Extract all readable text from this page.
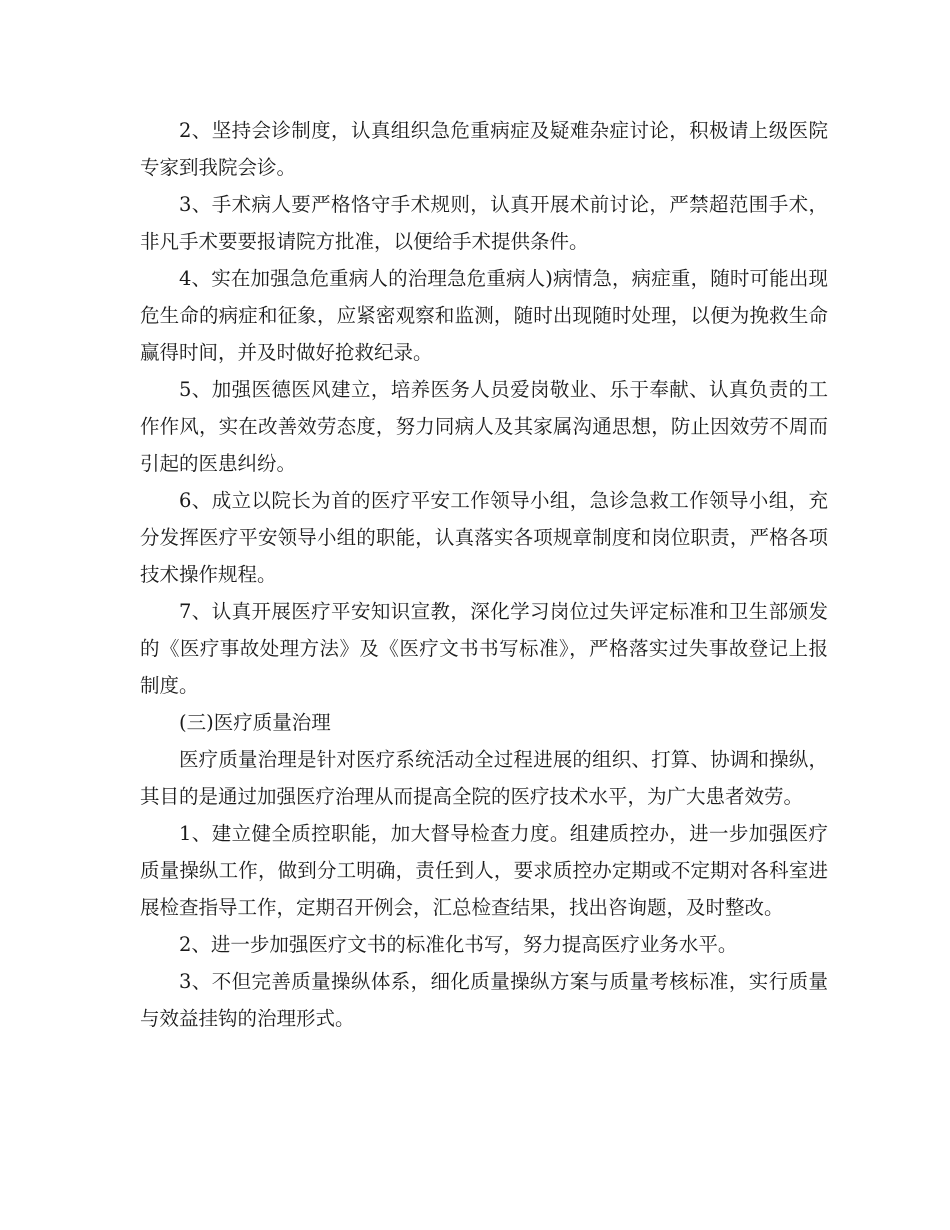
2、坚持会诊制度，认真组织急危重病症及疑难杂症讨论，积极请上级医院专家到我院会诊。

3、手术病人要严格恪守手术规则，认真开展术前讨论，严禁超范围手术，非凡手术要要报请院方批准，以便给手术提供条件。

4、实在加强急危重病人的治理急危重病人)病情急，病症重，随时可能出现危生命的病症和征象，应紧密观察和监测，随时出现随时处理，以便为挽救生命赢得时间，并及时做好抢救纪录。

5、加强医德医风建立，培养医务人员爱岗敬业、乐于奉献、认真负责的工作作风，实在改善效劳态度，努力同病人及其家属沟通思想，防止因效劳不周而引起的医患纠纷。

6、成立以院长为首的医疗平安工作领导小组，急诊急救工作领导小组，充分发挥医疗平安领导小组的职能，认真落实各项规章制度和岗位职责，严格各项技术操作规程。

7、认真开展医疗平安知识宣教，深化学习岗位过失评定标准和卫生部颁发的《医疗事故处理方法》及《医疗文书书写标准》，严格落实过失事故登记上报制度。

(三)医疗质量治理

医疗质量治理是针对医疗系统活动全过程进展的组织、打算、协调和操纵，其目的是通过加强医疗治理从而提高全院的医疗技术水平，为广大患者效劳。

1、建立健全质控职能，加大督导检查力度。组建质控办，进一步加强医疗质量操纵工作，做到分工明确，责任到人，要求质控办定期或不定期对各科室进展检查指导工作，定期召开例会，汇总检查结果，找出咨询题，及时整改。

2、进一步加强医疗文书的标准化书写，努力提高医疗业务水平。

3、不但完善质量操纵体系，细化质量操纵方案与质量考核标准，实行质量与效益挂钩的治理形式。
